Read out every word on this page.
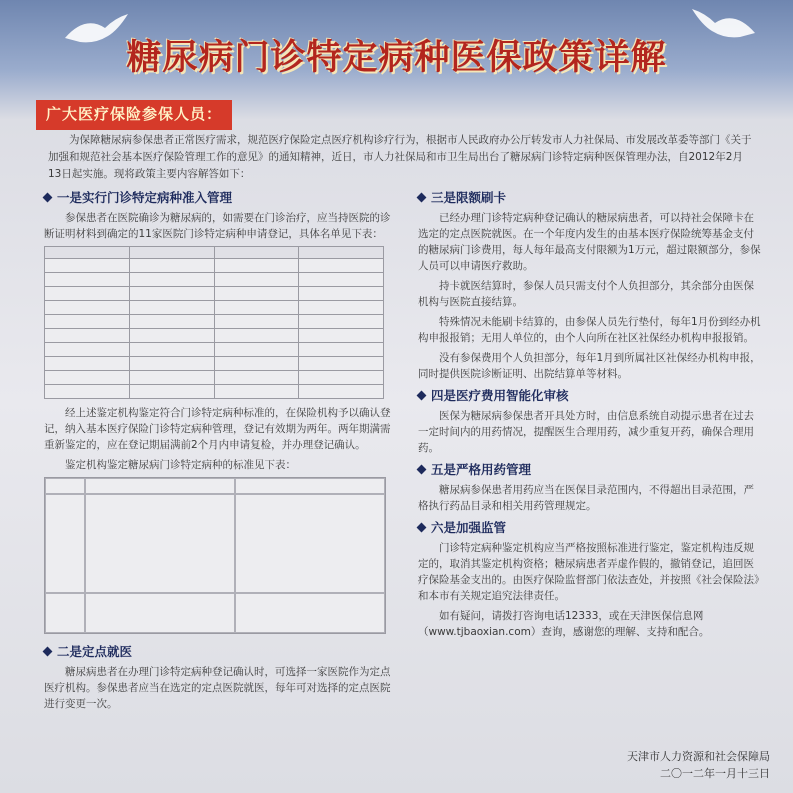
糖尿病门诊特定病种医保政策详解
广大医疗保险参保人员：
为保障糖尿病参保患者正常医疗需求，规范医疗保险定点医疗机构诊疗行为，根据市人民政府办公厅转发市人力社保局、市发展改革委等部门《关于加强和规范社会基本医疗保险管理工作的意见》的通知精神，近日，市人力社保局和市卫生局出台了糖尿病门诊特定病种医保管理办法，自2012年2月13日起实施。现将政策主要内容解答如下：
一是实行门诊特定病种准入管理

参保患者在医院确诊为糖尿病的，如需要在门诊治疗，应当持医院的诊断证明材料到确定的11家医院门诊特定病种申请登记，具体名单见下表：

经上述鉴定机构鉴定符合门诊特定病种标准的，在保险机构予以确认登记，纳入基本医疗保险门诊特定病种管理，登记有效期为两年。两年期满需重新鉴定的，应在登记期届满前2个月内申请复检，并办理登记确认。

鉴定机构鉴定糖尿病门诊特定病种的标准见下表：

二是定点就医

糖尿病患者在办理门诊特定病种登记确认时，可选择一家医院作为定点医疗机构。参保患者应当在选定的定点医院就医，每年可对选择的定点医院进行变更一次。

三是限额刷卡

已经办理门诊特定病种登记确认的糖尿病患者，可以持社会保障卡在选定的定点医院就医。在一个年度内发生的由基本医疗保险统筹基金支付的糖尿病门诊费用，每人每年最高支付限额为1万元，超过限额部分，参保人员可以申请医疗救助。

持卡就医结算时，参保人员只需支付个人负担部分，其余部分由医保机构与医院直接结算。

特殊情况未能刷卡结算的，由参保人员先行垫付，每年1月份到经办机构申报报销；无用人单位的，由个人向所在社区社保经办机构申报报销。

没有参保费用个人负担部分，每年1月到所属社区社保经办机构申报，同时提供医院诊断证明、出院结算单等材料。

四是医疗费用智能化审核

医保为糖尿病参保患者开具处方时，由信息系统自动提示患者在过去一定时间内的用药情况，提醒医生合理用药，减少重复开药，确保合理用药。

五是严格用药管理

糖尿病参保患者用药应当在医保目录范围内，不得超出目录范围，严格执行药品目录和相关用药管理规定。

六是加强监管

门诊特定病种鉴定机构应当严格按照标准进行鉴定，鉴定机构违反规定的，取消其鉴定机构资格；糖尿病患者弄虚作假的，撤销登记，追回医疗保险基金支出的。由医疗保险监督部门依法查处，并按照《社会保险法》和本市有关规定追究法律责任。

如有疑问，请拨打咨询电话12333，或在天津医保信息网（www.tjbaoxian.com）查询，感谢您的理解、支持和配合。

天津市人力资源和社会保障局
二〇一二年一月十三日
